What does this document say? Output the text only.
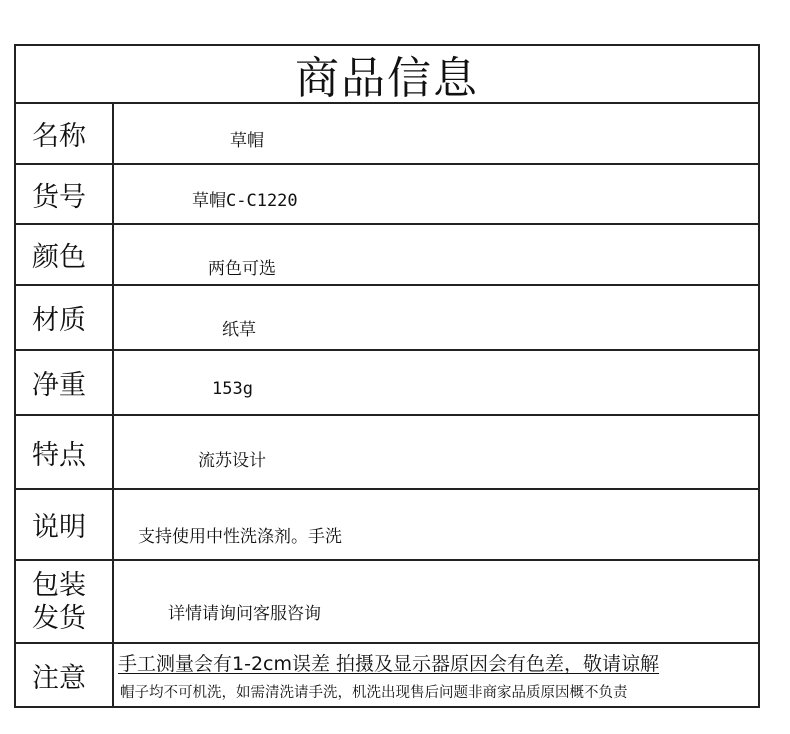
商品信息
名称	草帽
货号	草帽C-C1220
颜色	两色可选
材质	纸草
净重	153g
特点	流苏设计
说明	支持使用中性洗涤剂。手洗
包装
发货	详情请询问客服咨询
注意	手工测量会有1-2cm误差 拍摄及显示器原因会有色差，敬请谅解
帽子均不可机洗，如需清洗请手洗，机洗出现售后问题非商家品质原因概不负责
